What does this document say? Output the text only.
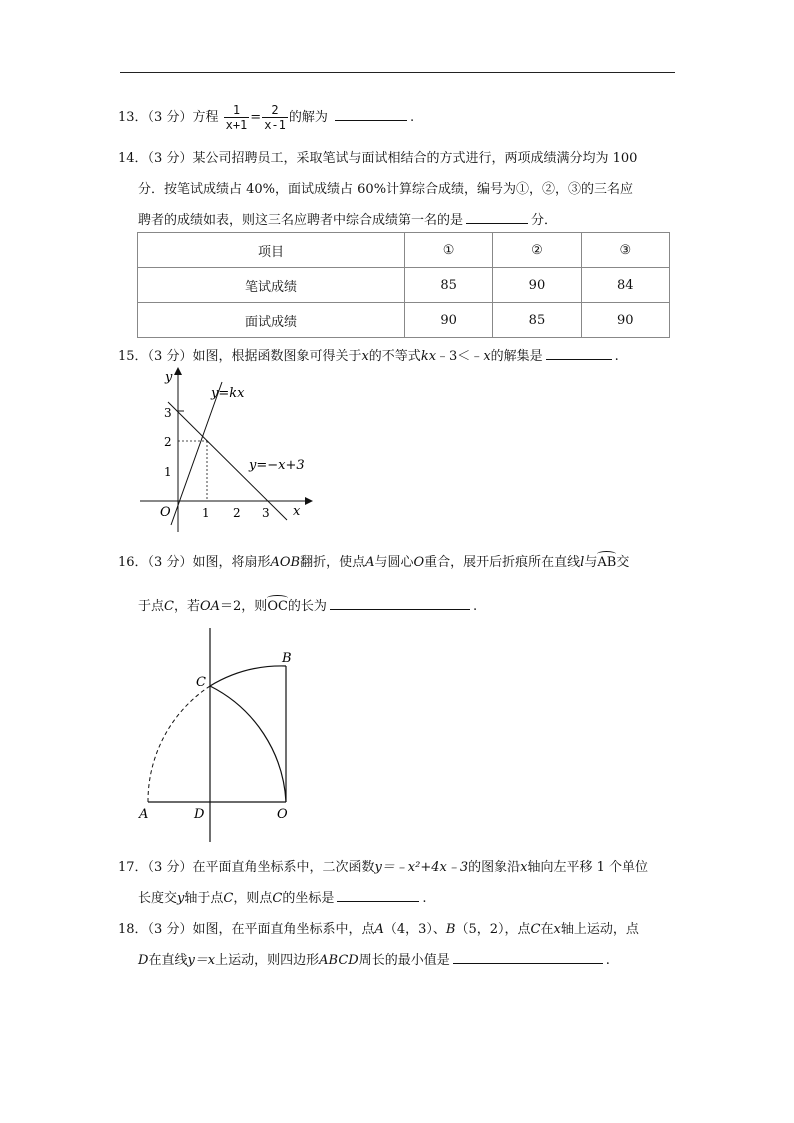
13．（3 分）方程 $\frac{1}{x+1} = \frac{2}{x-1}$ 的解为	.
14．（3 分）某公司招聘员工，采取笔试与面试相结合的方式进行，两项成绩满分均为 100
分．按笔试成绩占 40%，面试成绩占 60%计算综合成绩，编号为①，②，③的三名应
聘者的成绩如表，则这三名应聘者中综合成绩第一名的是	分．
项目	①	②	③
笔试成绩	85	90	84
面试成绩	90	85	90
15．（3 分）如图，根据函数图象可得关于x的不等式kx﹣3＜﹣x的解集是	.
y
x
O	1 2 3
1
2
3
y=kx
y=−x+3
16．（3 分）如图，将扇形AOB翻折，使点A与圆心O重合，展开后折痕所在直线l与AB交
于点C，若OA＝2，则OC的长为	.
B
C
A	D	O
17．（3 分）在平面直角坐标系中，二次函数y＝﹣x²+4x﹣3的图象沿x轴向左平移 1 个单位
长度交y轴于点C，则点C的坐标是	.
18．（3 分）如图，在平面直角坐标系中，点A（4，3）、B（5，2），点C在x轴上运动，点
D在直线y＝x上运动，则四边形ABCD周长的最小值是	.
